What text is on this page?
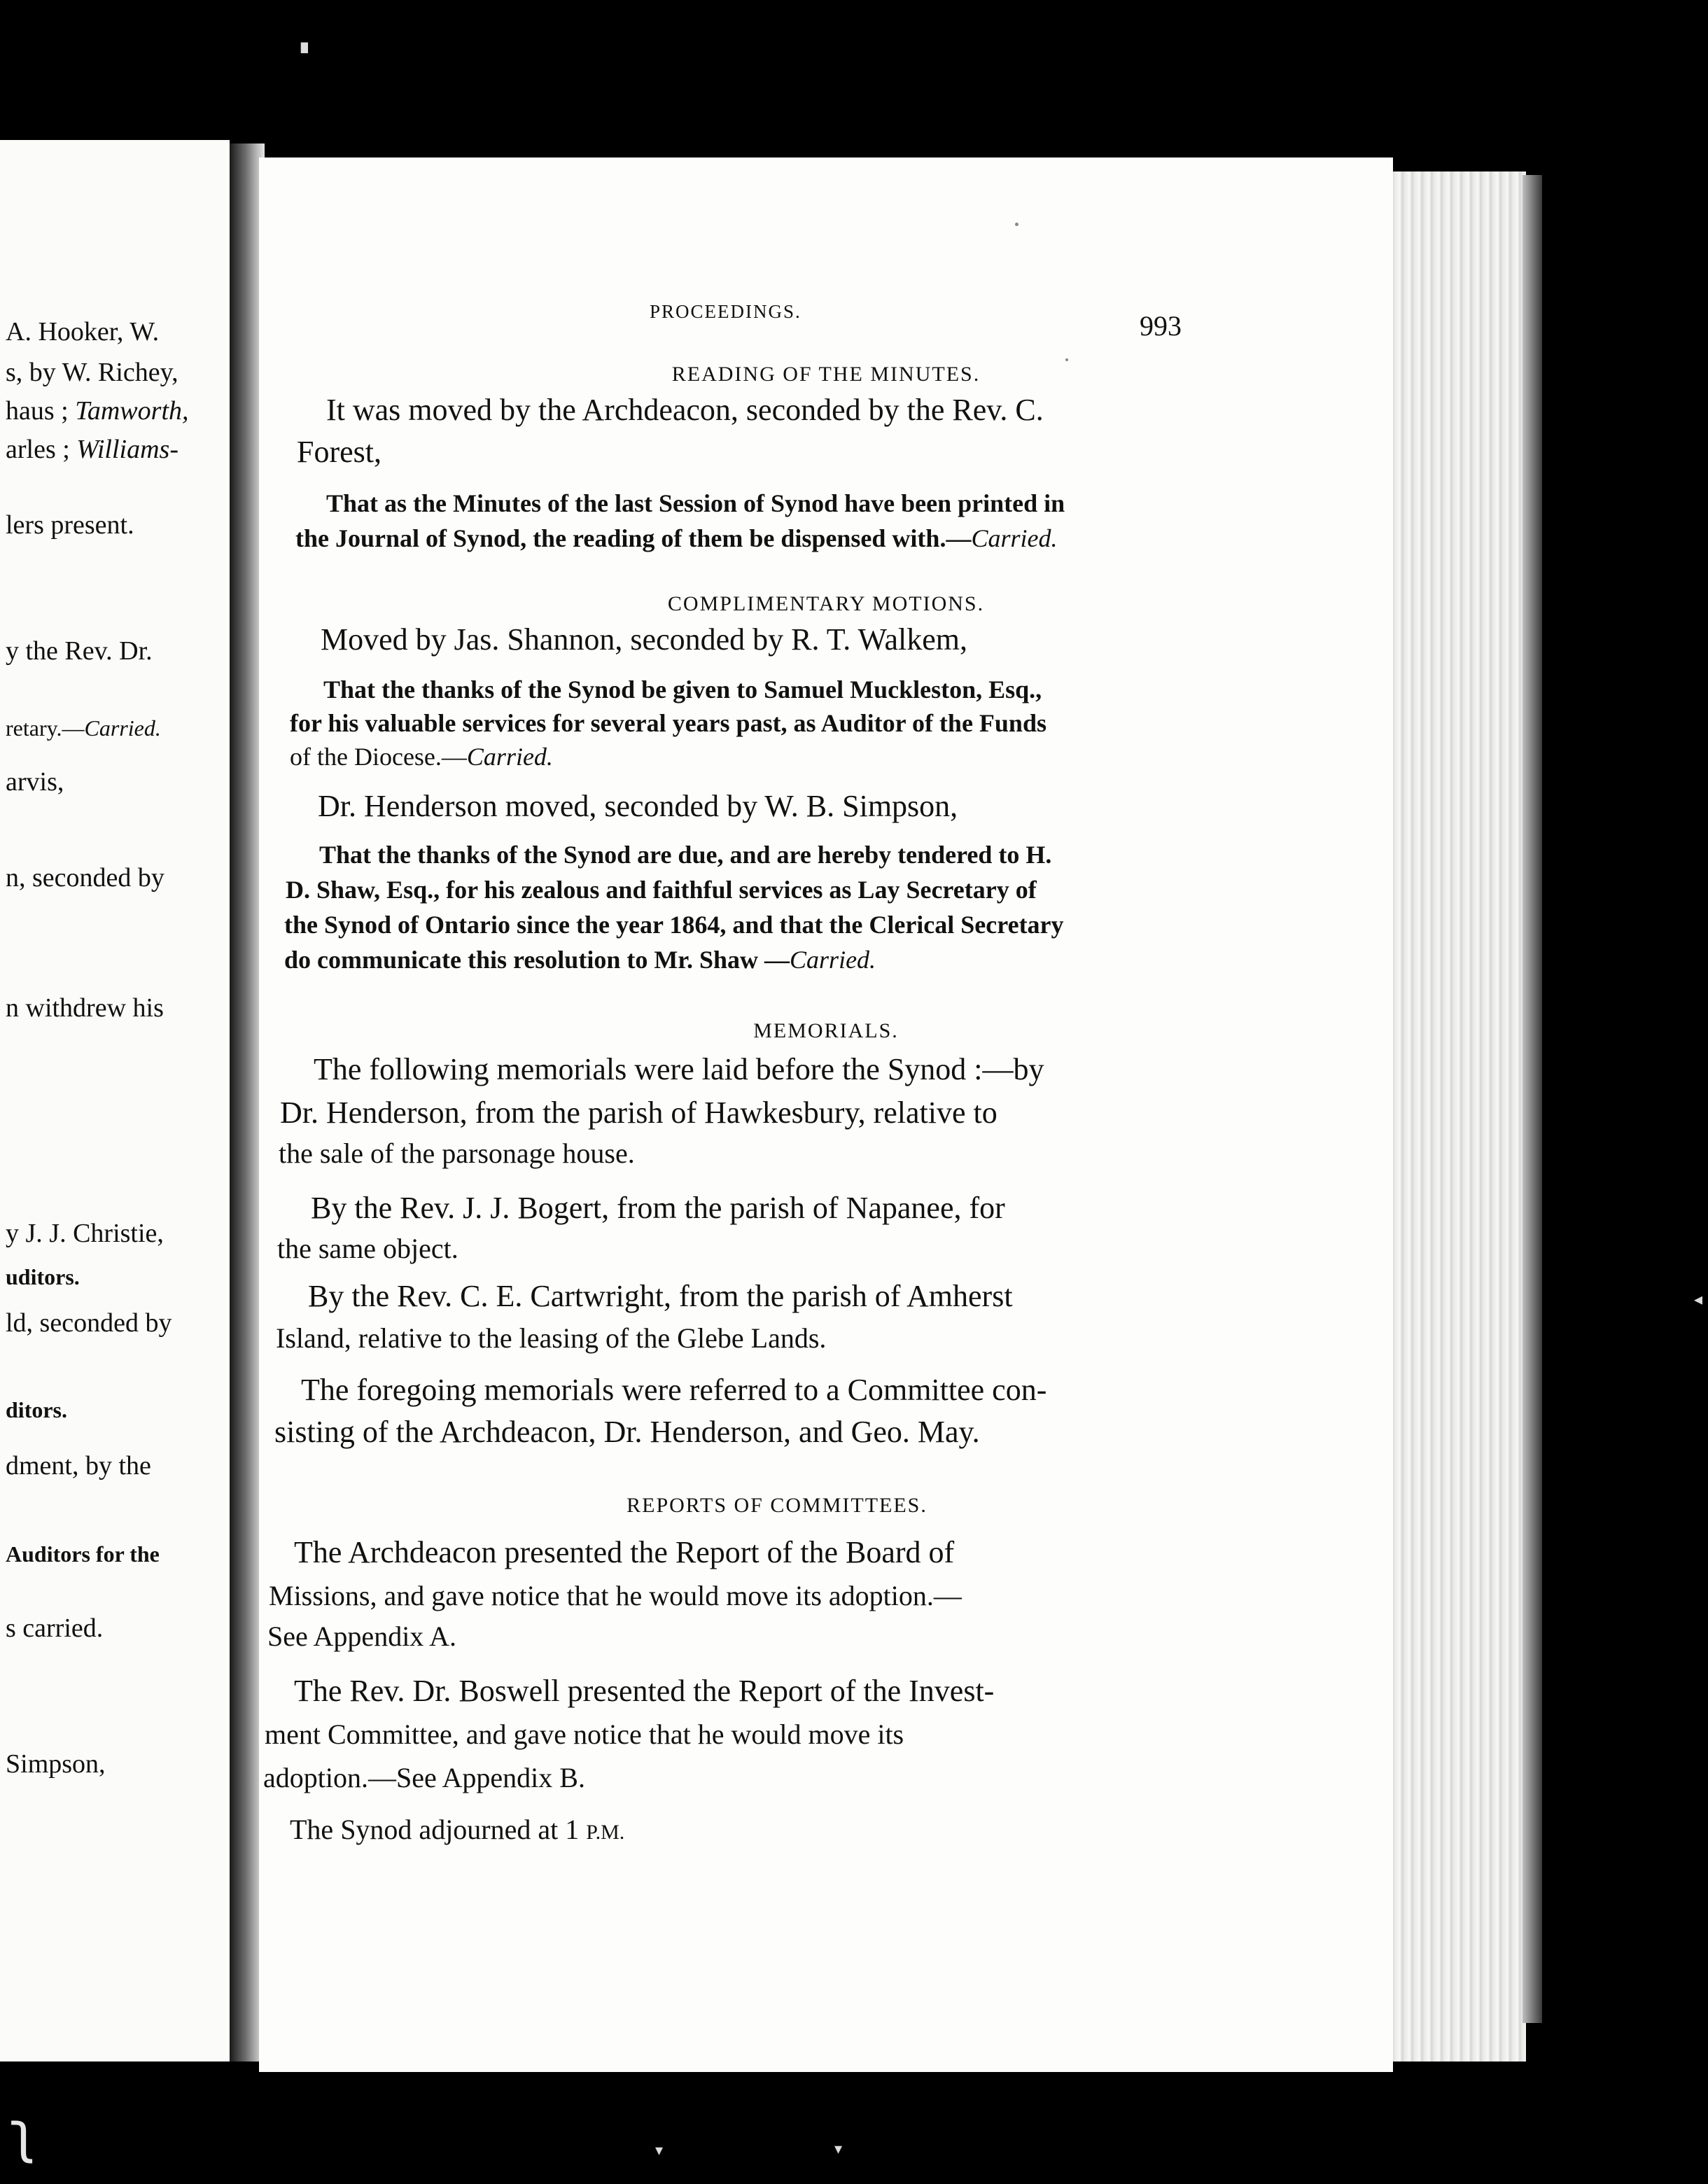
▘
ʅ
A. Hooker, W.
s, by W. Richey,
haus ; Tamworth,
arles ; Williams-
lers present.
y the Rev. Dr.
retary.—Carried.
arvis,
n, seconded by
n withdrew his
y J. J. Christie,
uditors.
ld, seconded by
ditors.
dment, by the
Auditors for the
s carried.
Simpson,
PROCEEDINGS.	993
READING OF THE MINUTES.
It was moved by the Archdeacon, seconded by the Rev. C.
Forest,
That as the Minutes of the last Session of Synod have been printed in
the Journal of Synod, the reading of them be dispensed with.—Carried.
COMPLIMENTARY MOTIONS.
Moved by Jas. Shannon, seconded by R. T. Walkem,
That the thanks of the Synod be given to Samuel Muckleston, Esq.,
for his valuable services for several years past, as Auditor of the Funds
of the Diocese.—Carried.
Dr. Henderson moved, seconded by W. B. Simpson,
That the thanks of the Synod are due, and are hereby tendered to H.
D. Shaw, Esq., for his zealous and faithful services as Lay Secretary of
the Synod of Ontario since the year 1864, and that the Clerical Secretary
do communicate this resolution to Mr. Shaw —Carried.
MEMORIALS.
The following memorials were laid before the Synod :—by
Dr. Henderson, from the parish of Hawkesbury, relative to
the sale of the parsonage house.
By the Rev. J. J. Bogert, from the parish of Napanee, for
the same object.
By the Rev. C. E. Cartwright, from the parish of Amherst
Island, relative to the leasing of the Glebe Lands.
The foregoing memorials were referred to a Committee con-
sisting of the Archdeacon, Dr. Henderson, and Geo. May.
REPORTS OF COMMITTEES.
The Archdeacon presented the Report of the Board of
Missions, and gave notice that he would move its adoption.—
See Appendix A.
The Rev. Dr. Boswell presented the Report of the Invest-
ment Committee, and gave notice that he would move its
adoption.—See Appendix B.
The Synod adjourned at 1 P.M.
▾	▾
◂
